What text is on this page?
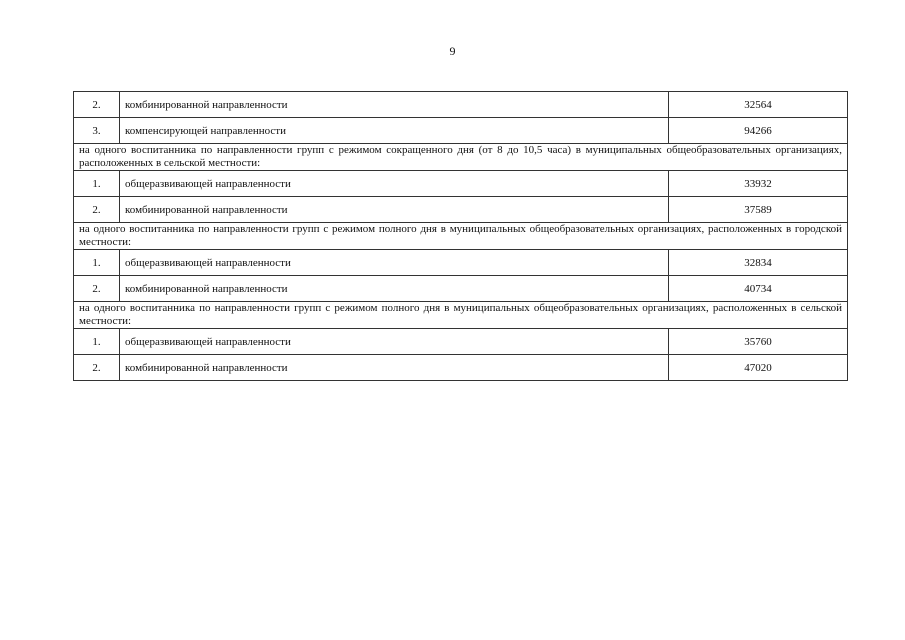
9
2.	комбинированной направленности	32564
3.	компенсирующей направленности	94266
на одного воспитанника по направленности групп с режимом сокращенного дня (от 8 до 10,5 часа) в муниципальных общеобразовательных организациях, расположенных в сельской местности:		
1.	общеразвивающей направленности	33932
2.	комбинированной направленности	37589
на одного воспитанника по направленности групп с режимом полного дня в муниципальных общеобразовательных организациях, расположенных в городской местности:		
1.	общеразвивающей направленности	32834
2.	комбинированной направленности	40734
на одного воспитанника по направленности групп с режимом полного дня в муниципальных общеобразовательных организациях, расположенных в сельской местности:		
1.	общеразвивающей направленности	35760
2.	комбинированной направленности	47020
